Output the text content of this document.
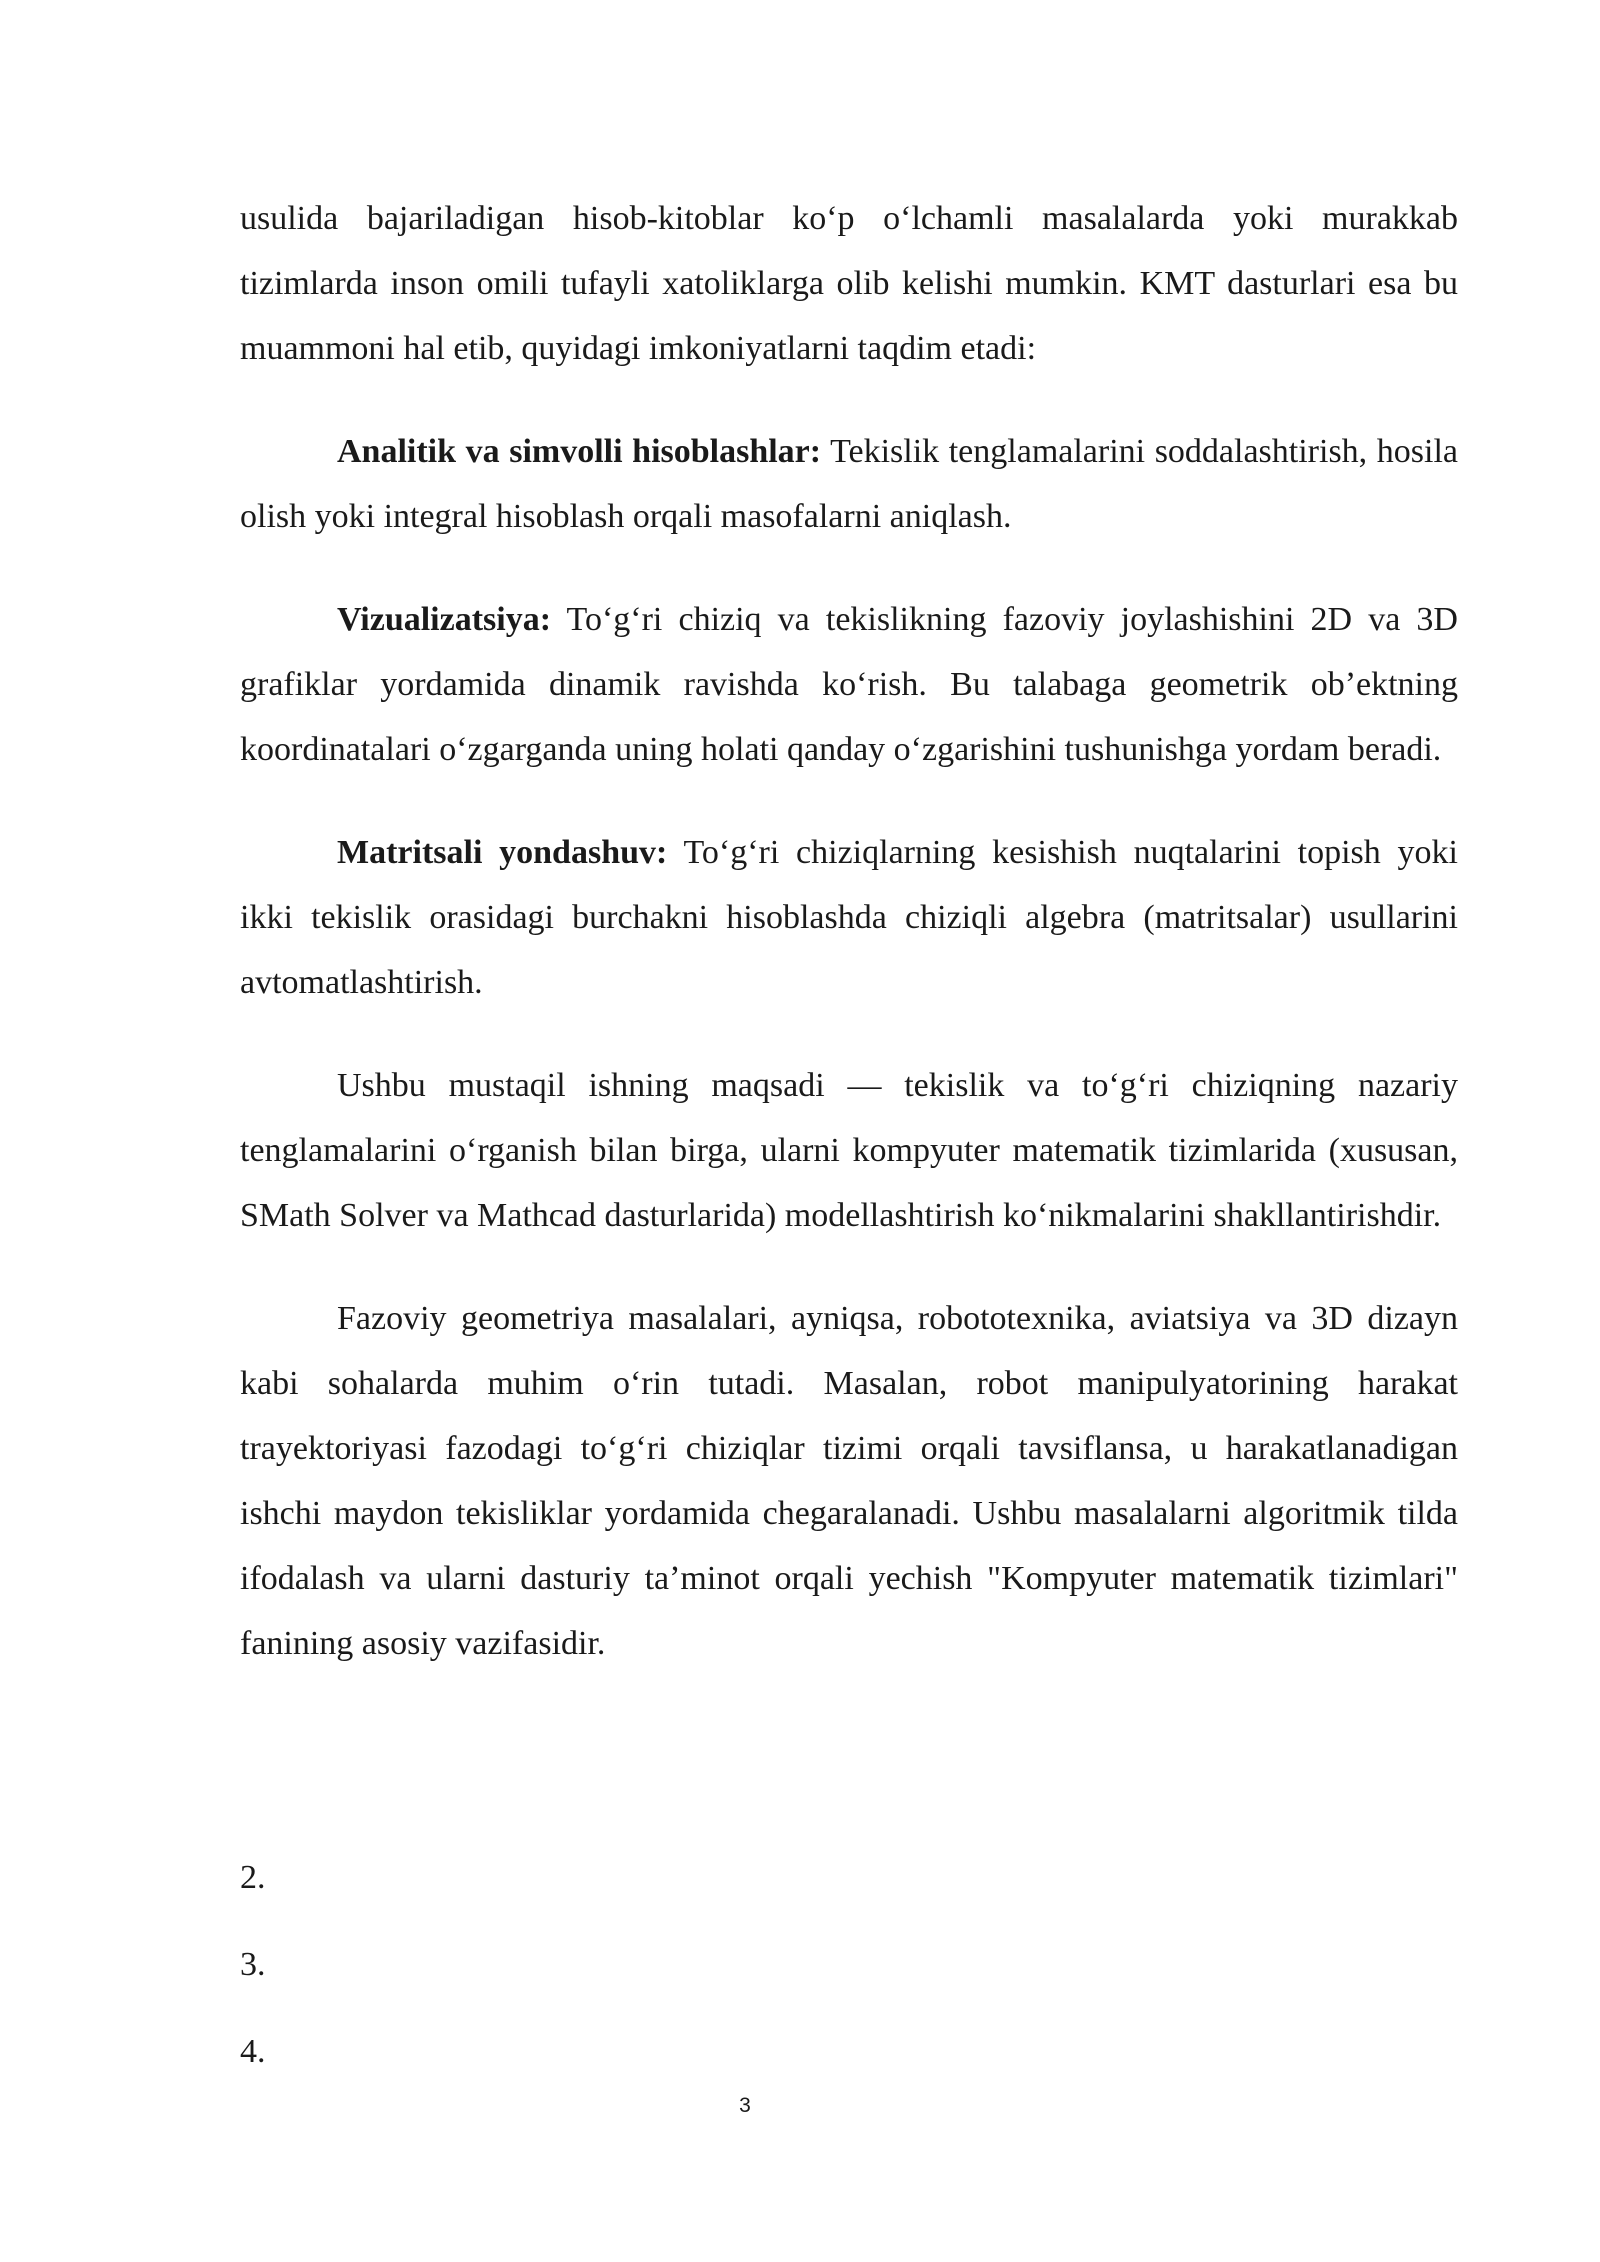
usulida bajariladigan hisob-kitoblar koʻp oʻlchamli masalalarda yoki murakkab tizimlarda inson omili tufayli xatoliklarga olib kelishi mumkin. KMT dasturlari esa bu muammoni hal etib, quyidagi imkoniyatlarni taqdim etadi:

Analitik va simvolli hisoblashlar: Tekislik tenglamalarini soddalashtirish, hosila olish yoki integral hisoblash orqali masofalarni aniqlash.

Vizualizatsiya: Toʻgʻri chiziq va tekislikning fazoviy joylashishini 2D va 3D grafiklar yordamida dinamik ravishda koʻrish. Bu talabaga geometrik obʼektning koordinatalari oʻzgarganda uning holati qanday oʻzgarishini tushunishga yordam beradi.

Matritsali yondashuv: Toʻgʻri chiziqlarning kesishish nuqtalarini topish yoki ikki tekislik orasidagi burchakni hisoblashda chiziqli algebra (matritsalar) usullarini avtomatlashtirish.

Ushbu mustaqil ishning maqsadi — tekislik va toʻgʻri chiziqning nazariy tenglamalarini oʻrganish bilan birga, ularni kompyuter matematik tizimlarida (xususan, SMath Solver va Mathcad dasturlarida) modellashtirish koʻnikmalarini shakllantirishdir.

Fazoviy geometriya masalalari, ayniqsa, robototexnika, aviatsiya va 3D dizayn kabi sohalarda muhim oʻrin tutadi. Masalan, robot manipulyatorining harakat trayektoriyasi fazodagi toʻgʻri chiziqlar tizimi orqali tavsiflansa, u harakatlanadigan ishchi maydon tekisliklar yordamida chegaralanadi. Ushbu masalalarni algoritmik tilda ifodalash va ularni dasturiy taʼminot orqali yechish "Kompyuter matematik tizimlari" fanining asosiy vazifasidir.

2.
3.
4.
3
